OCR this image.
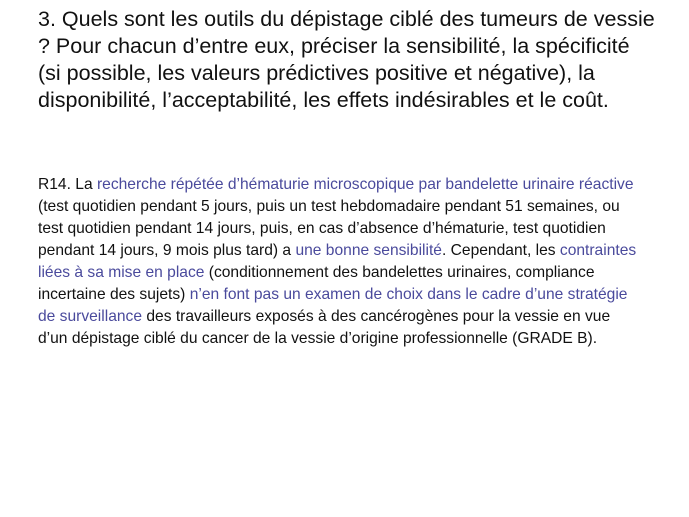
3. Quels sont les outils du dépistage ciblé des tumeurs de vessie ? Pour chacun d’entre eux, préciser la sensibilité, la spécificité (si possible, les valeurs prédictives positive et négative), la disponibilité, l’acceptabilité, les effets indésirables et le coût.

R14. La recherche répétée d’hématurie microscopique par bandelette urinaire réactive (test quotidien pendant 5 jours, puis un test hebdomadaire pendant 51 semaines, ou test quotidien pendant 14 jours, puis, en cas d’absence d’hématurie, test quotidien pendant 14 jours, 9 mois plus tard) a une bonne sensibilité. Cependant, les contraintes liées à sa mise en place (conditionnement des bandelettes urinaires, compliance incertaine des sujets) n’en font pas un examen de choix dans le cadre d’une stratégie de surveillance des travailleurs exposés à des cancérogènes pour la vessie en vue d’un dépistage ciblé du cancer de la vessie d’origine professionnelle (GRADE B).
